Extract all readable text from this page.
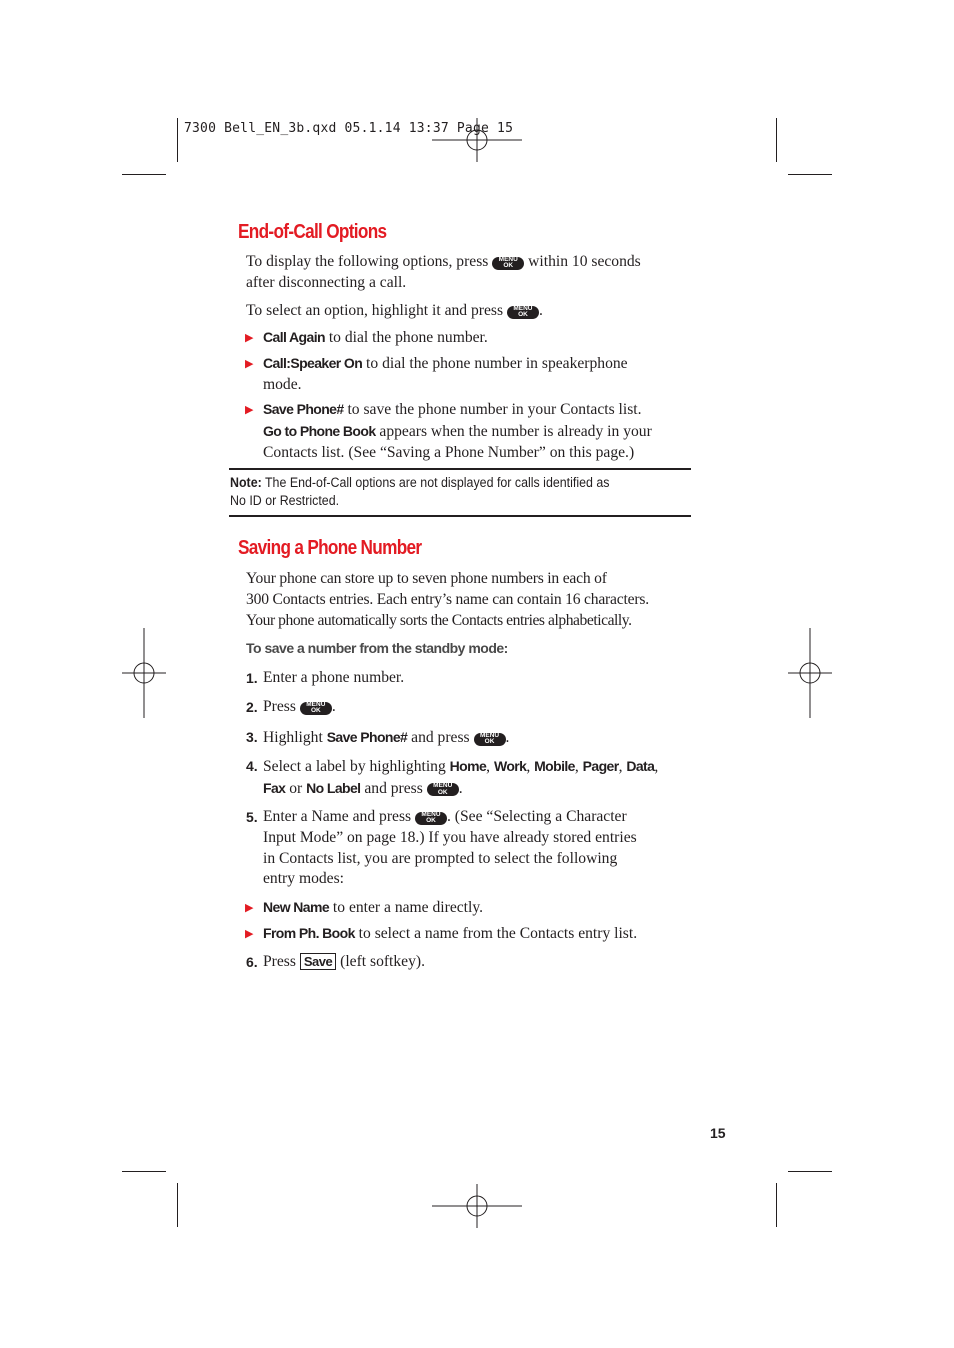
7300 Bell_EN_3b.qxd 05.1.14 13:37 Page 15
End-of-Call Options
To display the following options, press MENU
OK within 10 seconds
after disconnecting a call.
To select an option, highlight it and press MENU
OK .
▶ Call Again to dial the phone number.
▶ Call:Speaker On to dial the phone number in speakerphone
mode.
▶ Save Phone# to save the phone number in your Contacts list.
Go to Phone Book appears when the number is already in your
Contacts list. (See “Saving a Phone Number” on this page.)
Note: The End-of-Call options are not displayed for calls identified as
No ID or Restricted.
Saving a Phone Number
Your phone can store up to seven phone numbers in each of
300 Contacts entries. Each entry’s name can contain 16 characters.
Your phone automatically sorts the Contacts entries alphabetically.
To save a number from the standby mode:
1. Enter a phone number.
2. Press MENU
OK .
3. Highlight Save Phone# and press MENU
OK .
4. Select a label by highlighting Home, Work, Mobile, Pager, Data,
Fax or No Label and press MENU
OK .
5. Enter a Name and press MENU
OK . (See “Selecting a Character
Input Mode” on page 18.) If you have already stored entries
in Contacts list, you are prompted to select the following
entry modes:
▶ New Name to enter a name directly.
▶ From Ph. Book to select a name from the Contacts entry list.
6. Press Save (left softkey).
15
